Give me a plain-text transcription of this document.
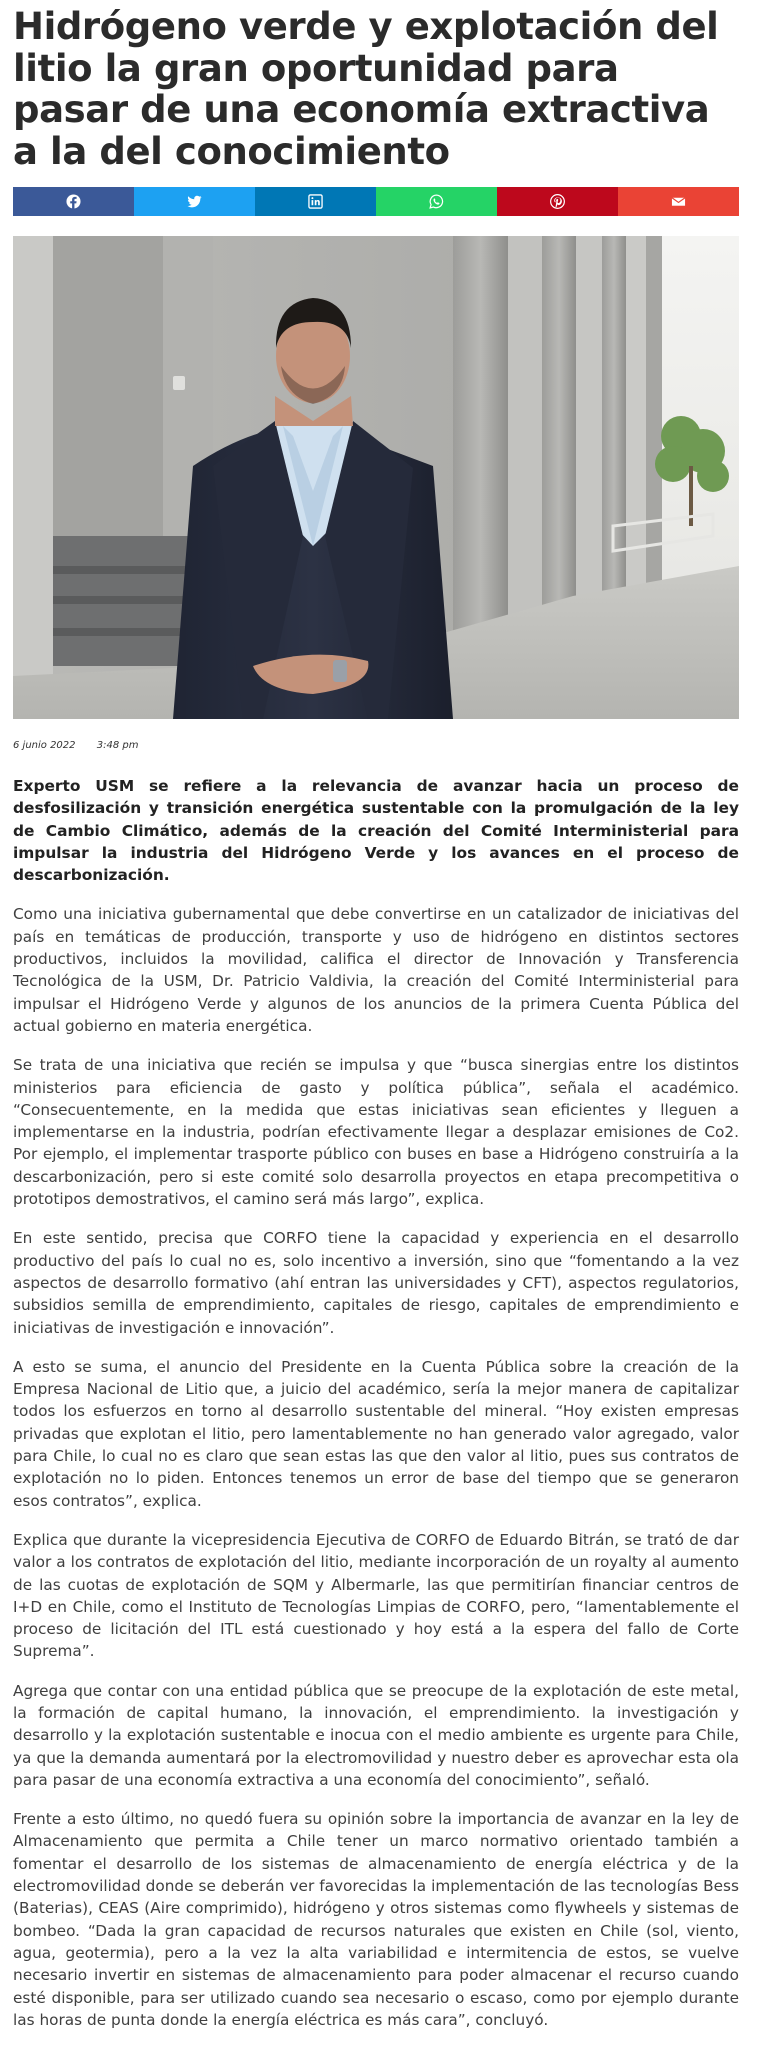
Hidrógeno verde y explotación del litio la gran oportunidad para pasar de una economía extractiva a la del conocimiento
6 junio 2022 3:48 pm

Experto USM se refiere a la relevancia de avanzar hacia un proceso de desfosilización y transición energética sustentable con la promulgación de la ley de Cambio Climático, además de la creación del Comité Interministerial para impulsar la industria del Hidrógeno Verde y los avances en el proceso de descarbonización.

Como una iniciativa gubernamental que debe convertirse en un catalizador de iniciativas del país en temáticas de producción, transporte y uso de hidrógeno en distintos sectores productivos, incluidos la movilidad, califica el director de Innovación y Transferencia Tecnológica de la USM, Dr. Patricio Valdivia, la creación del Comité Interministerial para impulsar el Hidrógeno Verde y algunos de los anuncios de la primera Cuenta Pública del actual gobierno en materia energética.

Se trata de una iniciativa que recién se impulsa y que “busca sinergias entre los distintos ministerios para eficiencia de gasto y política pública”, señala el académico. “Consecuentemente, en la medida que estas iniciativas sean eficientes y lleguen a implementarse en la industria, podrían efectivamente llegar a desplazar emisiones de Co2. Por ejemplo, el implementar trasporte público con buses en base a Hidrógeno construiría a la descarbonización, pero si este comité solo desarrolla proyectos en etapa precompetitiva o prototipos demostrativos, el camino será más largo”, explica.

En este sentido, precisa que CORFO tiene la capacidad y experiencia en el desarrollo productivo del país lo cual no es, solo incentivo a inversión, sino que “fomentando a la vez aspectos de desarrollo formativo (ahí entran las universidades y CFT), aspectos regulatorios, subsidios semilla de emprendimiento, capitales de riesgo, capitales de emprendimiento e iniciativas de investigación e innovación”.

A esto se suma, el anuncio del Presidente en la Cuenta Pública sobre la creación de la Empresa Nacional de Litio que, a juicio del académico, sería la mejor manera de capitalizar todos los esfuerzos en torno al desarrollo sustentable del mineral. “Hoy existen empresas privadas que explotan el litio, pero lamentablemente no han generado valor agregado, valor para Chile, lo cual no es claro que sean estas las que den valor al litio, pues sus contratos de explotación no lo piden. Entonces tenemos un error de base del tiempo que se generaron esos contratos”, explica.

Explica que durante la vicepresidencia Ejecutiva de CORFO de Eduardo Bitrán, se trató de dar valor a los contratos de explotación del litio, mediante incorporación de un royalty al aumento de las cuotas de explotación de SQM y Albermarle, las que permitirían financiar centros de I+D en Chile, como el Instituto de Tecnologías Limpias de CORFO, pero, “lamentablemente el proceso de licitación del ITL está cuestionado y hoy está a la espera del fallo de Corte Suprema”.

Agrega que contar con una entidad pública que se preocupe de la explotación de este metal, la formación de capital humano, la innovación, el emprendimiento. la investigación y desarrollo y la explotación sustentable e inocua con el medio ambiente es urgente para Chile, ya que la demanda aumentará por la electromovilidad y nuestro deber es aprovechar esta ola para pasar de una economía extractiva a una economía del conocimiento”, señaló.

Frente a esto último, no quedó fuera su opinión sobre la importancia de avanzar en la ley de Almacenamiento que permita a Chile tener un marco normativo orientado también a fomentar el desarrollo de los sistemas de almacenamiento de energía eléctrica y de la electromovilidad donde se deberán ver favorecidas la implementación de las tecnologías Bess (Baterias), CEAS (Aire comprimido), hidrógeno y otros sistemas como flywheels y sistemas de bombeo. “Dada la gran capacidad de recursos naturales que existen en Chile (sol, viento, agua, geotermia), pero a la vez la alta variabilidad e intermitencia de estos, se vuelve necesario invertir en sistemas de almacenamiento para poder almacenar el recurso cuando esté disponible, para ser utilizado cuando sea necesario o escaso, como por ejemplo durante las horas de punta donde la energía eléctrica es más cara”, concluyó.
